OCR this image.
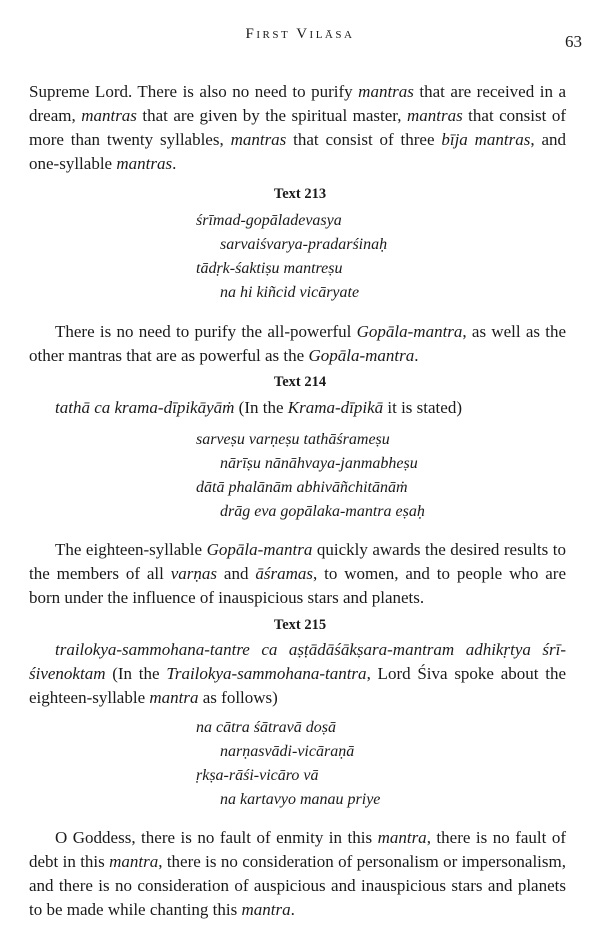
First Vilāsa	63

Supreme Lord. There is also no need to purify mantras that are received in a dream, mantras that are given by the spiritual master, mantras that consist of more than twenty syllables, mantras that consist of three bīja mantras, and one-syllable mantras.

Text 213
śrīmad-gopāladevasya
sarvaiśvarya-pradarśinaḥ
tādṛk-śaktiṣu mantreṣu
na hi kiñcid vicāryate

There is no need to purify the all-powerful Gopāla-mantra, as well as the other mantras that are as powerful as the Gopāla-mantra.

Text 214

tathā ca krama-dīpikāyāṁ (In the Krama-dīpikā it is stated)

sarveṣu varṇeṣu tathāśrameṣu
nārīṣu nānāhvaya-janmabheṣu
dātā phalānām abhivāñchitānāṁ
drāg eva gopālaka-mantra eṣaḥ

The eighteen-syllable Gopāla-mantra quickly awards the desired results to the members of all varṇas and āśramas, to women, and to people who are born under the influence of inauspicious stars and planets.

Text 215

trailokya-sammohana-tantre ca aṣṭādāśākṣara-mantram adhikṛtya śrī-śivenoktam (In the Trailokya-sammohana-tantra, Lord Śiva spoke about the eighteen-syllable mantra as follows)

na cātra śātravā doṣā
narṇasvādi-vicāraṇā
ṛkṣa-rāśi-vicāro vā
na kartavyo manau priye

O Goddess, there is no fault of enmity in this mantra, there is no fault of debt in this mantra, there is no consideration of personalism or impersonalism, and there is no consideration of auspicious and inauspicious stars and planets to be made while chanting this mantra.
